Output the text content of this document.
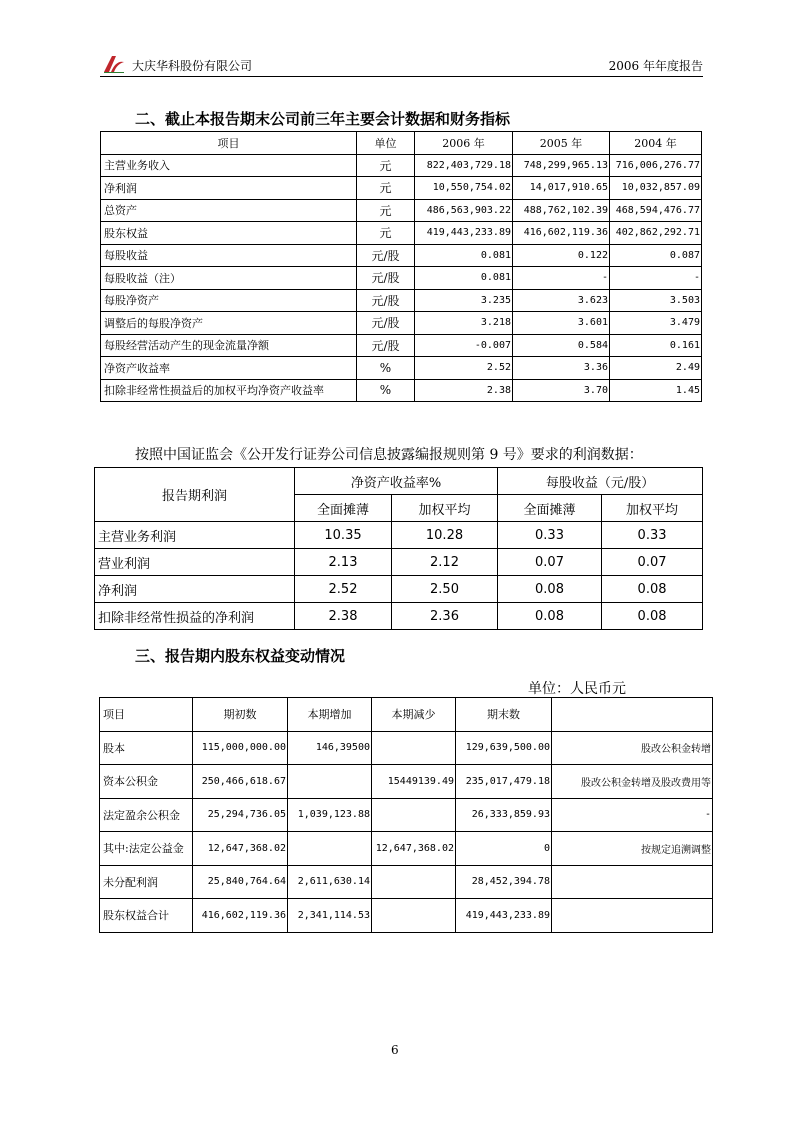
大庆华科股份有限公司	2006 年年度报告
二、截止本报告期末公司前三年主要会计数据和财务指标
项目	单位	2006 年	2005 年	2004 年
主营业务收入	元	822,403,729.18	748,299,965.13	716,006,276.77
净利润	元	10,550,754.02	14,017,910.65	10,032,857.09
总资产	元	486,563,903.22	488,762,102.39	468,594,476.77
股东权益	元	419,443,233.89	416,602,119.36	402,862,292.71
每股收益	元/股	0.081	0.122	0.087
每股收益（注）	元/股	0.081	-	-
每股净资产	元/股	3.235	3.623	3.503
调整后的每股净资产	元/股	3.218	3.601	3.479
每股经营活动产生的现金流量净额	元/股	-0.007	0.584	0.161
净资产收益率	%	2.52	3.36	2.49
扣除非经常性损益后的加权平均净资产收益率	%	2.38	3.70	1.45
按照中国证监会《公开发行证券公司信息披露编报规则第 9 号》要求的利润数据：
报告期利润	净资产收益率%		每股收益（元/股）	
	全面摊薄	加权平均	全面摊薄	加权平均
主营业务利润	10.35	10.28	0.33	0.33
营业利润	2.13	2.12	0.07	0.07
净利润	2.52	2.50	0.08	0.08
扣除非经常性损益的净利润	2.38	2.36	0.08	0.08
三、报告期内股东权益变动情况
单位：人民币元
项目	期初数	本期增加	本期减少	期末数	
股本	115,000,000.00	146,39500		129,639,500.00	股改公积金转增
资本公积金	250,466,618.67		15449139.49	235,017,479.18	股改公积金转增及股改费用等
法定盈余公积金	25,294,736.05	1,039,123.88		26,333,859.93	-
其中:法定公益金	12,647,368.02		12,647,368.02	0	按规定追溯调整
未分配利润	25,840,764.64	2,611,630.14		28,452,394.78	
股东权益合计	416,602,119.36	2,341,114.53		419,443,233.89	
6
